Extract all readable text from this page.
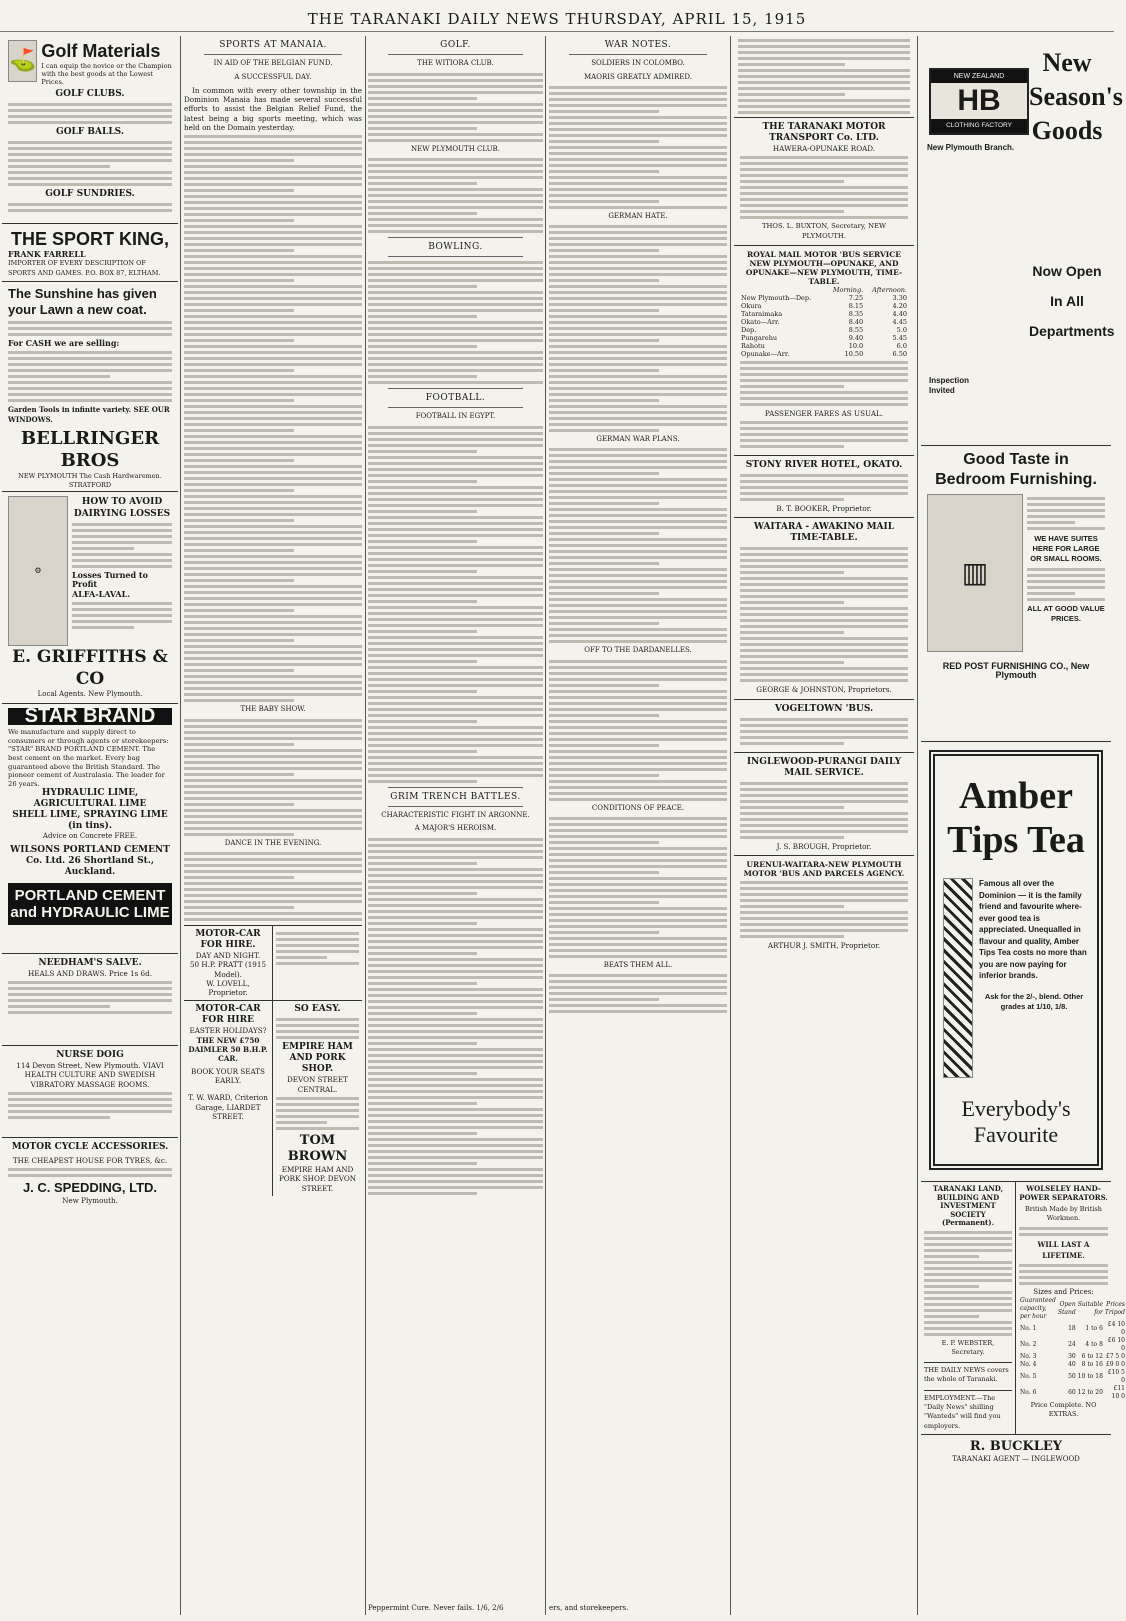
THE TARANAKI DAILY NEWS THURSDAY, APRIL 15, 1915
⛳ Golf Materials
I can equip the novice or the Champion with the best goods at the Lowest Prices.
GOLF CLUBS.
GOLF BALLS.
GOLF SUNDRIES.
THE SPORT KING,
FRANK FARRELL
IMPORTER OF EVERY DESCRIPTION OF SPORTS AND GAMES. P.O. BOX 87, ELTHAM.
The Sunshine has given your Lawn a new coat.
For CASH we are selling:
Garden Tools in infinite variety. SEE OUR WINDOWS.
BELLRINGER BROS
NEW PLYMOUTH The Cash Hardwaremen. STRATFORD
⚙
HOW TO AVOID DAIRYING LOSSES
Losses Turned to Profit
ALFA-LAVAL.
E. GRIFFITHS & CO
Local Agents. New Plymouth.
STAR BRAND
We manufacture and supply direct to consumers or through agents or storekeepers: "STAR" BRAND PORTLAND CEMENT. The best cement on the market. Every bag guaranteed above the British Standard. The pioneer cement of Australasia. The leader for 26 years.
HYDRAULIC LIME,
AGRICULTURAL LIME
SHELL LIME, SPRAYING LIME (in tins).
Advice on Concrete FREE.
WILSONS PORTLAND CEMENT Co. Ltd. 26 Shortland St., Auckland.
PORTLAND CEMENT and HYDRAULIC LIME
NEEDHAM'S SALVE.
HEALS AND DRAWS. Price 1s 6d.
NURSE DOIG
114 Devon Street, New Plymouth. VIAVI HEALTH CULTURE AND SWEDISH VIBRATORY MASSAGE ROOMS.
MOTOR CYCLE ACCESSORIES.
THE CHEAPEST HOUSE FOR TYRES, &c.
J. C. SPEDDING, LTD.
New Plymouth.
SPORTS AT MANAIA.
IN AID OF THE BELGIAN FUND.
A SUCCESSFUL DAY.

In common with every other township in the Dominion Manaia has made several successful efforts to assist the Belgian Relief Fund, the latest being a big sports meeting, which was held on the Domain yesterday.

THE BABY SHOW.
DANCE IN THE EVENING.
MOTOR-CAR FOR HIRE.
DAY AND NIGHT.
50 H.P. PRATT (1915 Model).
W. LOVELL, Proprietor.
MOTOR-CAR FOR HIRE
EASTER HOLIDAYS?
THE NEW £750 DAIMLER 50 B.H.P. CAR.
BOOK YOUR SEATS EARLY.
T. W. WARD, Criterion Garage, LIARDET STREET.
SO EASY.
EMPIRE HAM AND PORK SHOP.
DEVON STREET CENTRAL.
TOM BROWN
EMPIRE HAM AND PORK SHOP. DEVON STREET.
GOLF.
THE WITIORA CLUB.
NEW PLYMOUTH CLUB.
BOWLING.
FOOTBALL.
FOOTBALL IN EGYPT.
GRIM TRENCH BATTLES.
CHARACTERISTIC FIGHT IN ARGONNE.
A MAJOR'S HEROISM.
Peppermint Cure. Never fails. 1/6, 2/6
WAR NOTES.
SOLDIERS IN COLOMBO.
MAORIS GREATLY ADMIRED.
GERMAN HATE.
GERMAN WAR PLANS.
OFF TO THE DARDANELLES.
CONDITIONS OF PEACE.
BEATS THEM ALL.
ers, and storekeepers.
THE TARANAKI MOTOR TRANSPORT Co. LTD.
HAWERA-OPUNAKE ROAD.
THOS. L. BUXTON, Secretary, NEW PLYMOUTH.
ROYAL MAIL MOTOR 'BUS SERVICE NEW PLYMOUTH—OPUNAKE, AND OPUNAKE—NEW PLYMOUTH, TIME-TABLE.
	Morning.	Afternoon.
New Plymouth—Dep.	7.25	3.30
Okura	8.15	4.20
Tataraimaka	8.35	4.40
Okato—Arr.	8.40	4.45
Dep.	8.55	5.0
Pungarehu	9.40	5.45
Rahotu	10.0	6.0
Opunake—Arr.	10.50	6.50
PASSENGER FARES AS USUAL.
STONY RIVER HOTEL, OKATO.
B. T. BOOKER, Proprietor.
WAITARA - AWAKINO MAIL TIME-TABLE.
GEORGE & JOHNSTON, Proprietors.
VOGELTOWN 'BUS.
INGLEWOOD-PURANGI DAILY MAIL SERVICE.
J. S. BROUGH, Proprietor.
URENUI-WAITARA-NEW PLYMOUTH MOTOR 'BUS AND PARCELS AGENCY.
ARTHUR J. SMITH, Proprietor.
NEW ZEALAND
HB
CLOTHING FACTORY
New Plymouth Branch.
New Season's Goods
Now Open In All Departments
Inspection Invited
Good Taste in Bedroom Furnishing.
▥
WE HAVE SUITES HERE FOR LARGE OR SMALL ROOMS.
ALL AT GOOD VALUE PRICES.
RED POST FURNISHING CO., New Plymouth
Amber Tips Tea
Famous all over the Dominion — it is the family friend and favourite where-ever good tea is appreciated. Unequalled in flavour and quality, Amber Tips Tea costs no more than you are now paying for inferior brands.
Ask for the 2/-, blend. Other grades at 1/10, 1/8.
Everybody's Favourite
TARANAKI LAND, BUILDING AND INVESTMENT SOCIETY (Permanent).
E. P. WEBSTER, Secretary.
THE DAILY NEWS covers the whole of Taranaki.
EMPLOYMENT.—The "Daily News" shilling "Wanteds" will find you employers.
WOLSELEY HAND-POWER SEPARATORS.
British Made by British Workmen.
WILL LAST A LIFETIME.
Sizes and Prices:
Guaranteed capacity, per hour	Open Stand	Suitable for	Prices Tripod
No. 1	18	1 to 6	£4 10 0
No. 2	24	4 to 8	£6 10 0
No. 3	30	6 to 12	£7 5 0
No. 4	40	8 to 16	£9 0 0
No. 5	50	10 to 18	£10 5 0
No. 6	60	12 to 20	£11 10 0
Price Complete. NO EXTRAS.
R. BUCKLEY
TARANAKI AGENT — INGLEWOOD
